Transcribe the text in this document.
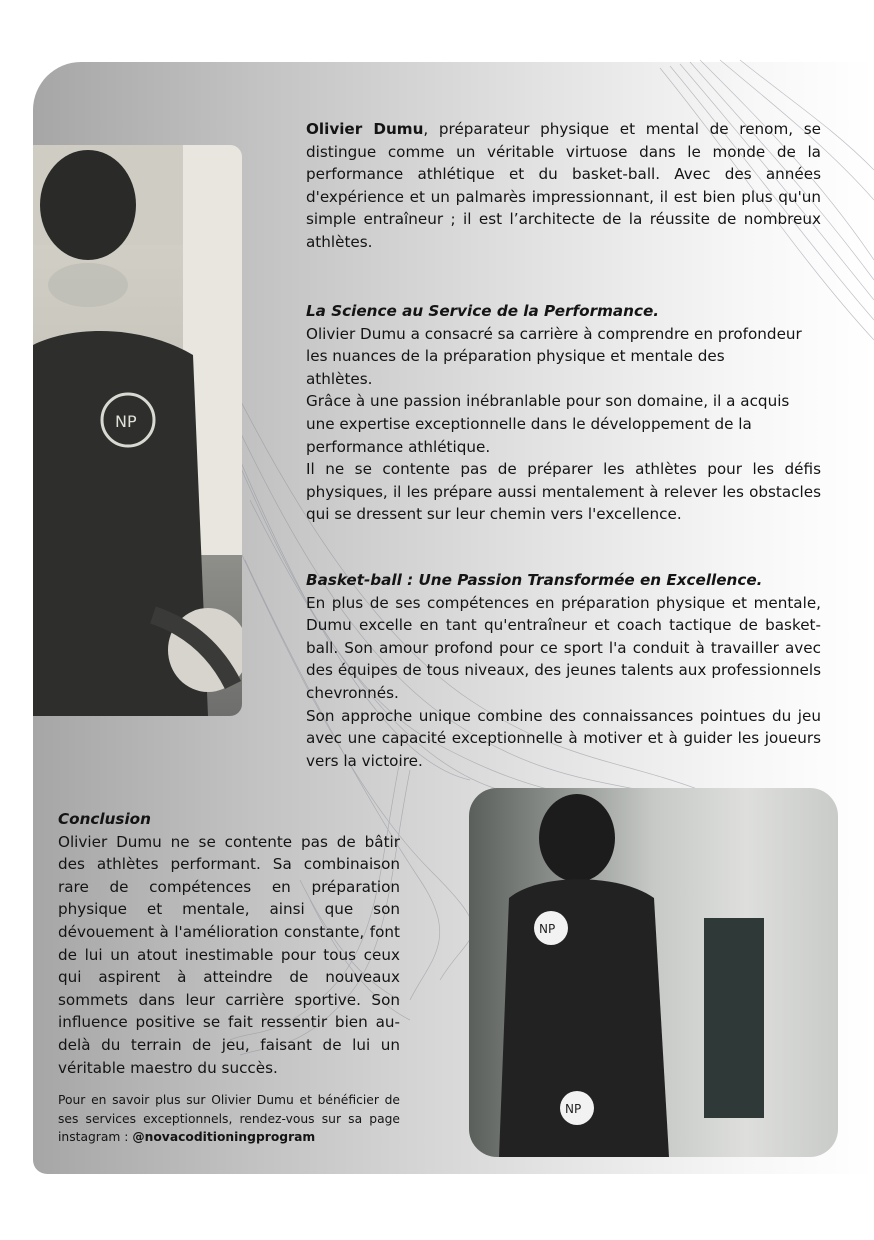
NP
NP
NP

Olivier Dumu, préparateur physique et mental de renom, se distingue comme un véritable virtuose dans le monde de la performance athlétique et du basket-ball. Avec des années d'expérience et un palmarès impressionnant, il est bien plus qu'un simple entraîneur ; il est l’architecte de la réussite de nombreux athlètes.

La Science au Service de la Performance.

Olivier Dumu a consacré sa carrière à comprendre en profondeur les nuances de la préparation physique et mentale des

athlètes.

Grâce à une passion inébranlable pour son domaine, il a acquis une expertise exceptionnelle dans le développement de la performance athlétique.

Il ne se contente pas de préparer les athlètes pour les défis physiques, il les prépare aussi mentalement à relever les obstacles qui se dressent sur leur chemin vers l'excellence.

Basket-ball : Une Passion Transformée en Excellence.

En plus de ses compétences en préparation physique et mentale, Dumu excelle en tant qu'entraîneur et coach tactique de basket-ball. Son amour profond pour ce sport l'a conduit à travailler avec des équipes de tous niveaux, des jeunes talents aux professionnels chevronnés.

Son approche unique combine des connaissances pointues du jeu avec une capacité exceptionnelle à motiver et à guider les joueurs vers la victoire.

Conclusion

Olivier Dumu ne se contente pas de bâtir des athlètes performant. Sa combinaison rare de compétences en préparation physique et mentale, ainsi que son dévouement à l'amélioration constante, font de lui un atout inestimable pour tous ceux qui aspirent à atteindre de nouveaux sommets dans leur carrière sportive. Son influence positive se fait ressentir bien au-delà du terrain de jeu, faisant de lui un véritable maestro du succès.

Pour en savoir plus sur Olivier Dumu et bénéficier de ses services exceptionnels, rendez-vous sur sa page instagram : @novacoditioningprogram
